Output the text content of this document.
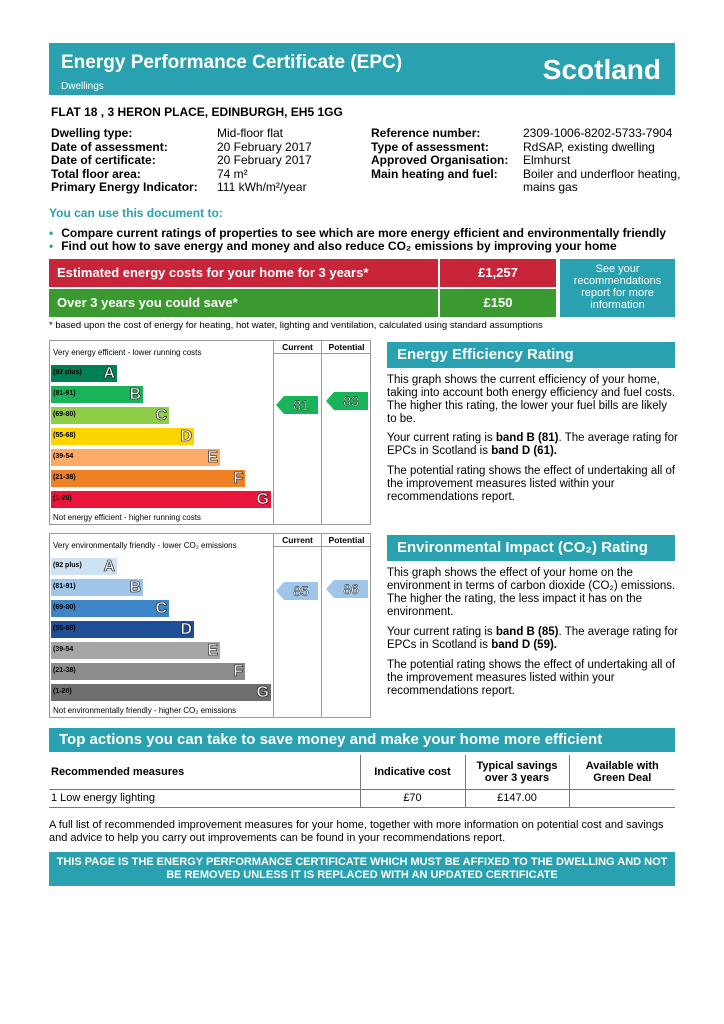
Energy Performance Certificate (EPC)
Dwellings
Scotland
FLAT 18 , 3 HERON PLACE, EDINBURGH, EH5 1GG
Dwelling type:	Mid-floor flat
Date of assessment:	20 February 2017
Date of certificate:	20 February 2017
Total floor area:	74 m²
Primary Energy Indicator: 111 kWh/m²/year
Reference number:	2309-1006-8202-5733-7904
Type of assessment:	RdSAP, existing dwelling
Approved Organisation: Elmhurst
Main heating and fuel: Boiler and underfloor heating,
mains gas
You can use this document to:
• Compare current ratings of properties to see which are more energy efficient and environmentally friendly
• Find out how to save energy and money and also reduce CO₂ emissions by improving your home
Estimated energy costs for your home for 3 years*	£1,257
Over 3 years you could save*	£150
See your recommendations report for more information
* based upon the cost of energy for heating, hot water, lighting and ventilation, calculated using standard assumptions
Very energy efficient - lower running costs
(92 plus) A
(81-91)	B
(69-80)	C
(55-68)	D
(39-54	E
(21-38)	F
(1-20)	G
Not energy efficient - higher running costs
Current
81
Potential
83
Very environmentally friendly - lower CO₂ emissions
(92 plus) A
(81-91)	B
(69-80)	C
(55-68)	D
(39-54	E
(21-38)	F
(1-20)	G
Not environmentally friendly - higher CO₂ emissions
Current
85
Potential
86
Energy Efficiency Rating
This graph shows the current efficiency of your home, taking into account both energy efficiency and fuel costs. The higher this rating, the lower your fuel bills are likely to be.
Your current rating is band B (81). The average rating for EPCs in Scotland is band D (61).
The potential rating shows the effect of undertaking all of the improvement measures listed within your recommendations report.
Environmental Impact (CO₂) Rating
This graph shows the effect of your home on the environment in terms of carbon dioxide (CO₂) emissions. The higher the rating, the less impact it has on the environment.
Your current rating is band B (85). The average rating for EPCs in Scotland is band D (59).
The potential rating shows the effect of undertaking all of the improvement measures listed within your recommendations report.
Top actions you can take to save money and make your home more efficient
Recommended measures	Indicative cost	Typical savings over 3 years	Available with Green Deal
1 Low energy lighting	£70	£147.00	
A full list of recommended improvement measures for your home, together with more information on potential cost and savings and advice to help you carry out improvements can be found in your recommendations report.
THIS PAGE IS THE ENERGY PERFORMANCE CERTIFICATE WHICH MUST BE AFFIXED TO THE DWELLING AND NOT BE REMOVED UNLESS IT IS REPLACED WITH AN UPDATED CERTIFICATE
